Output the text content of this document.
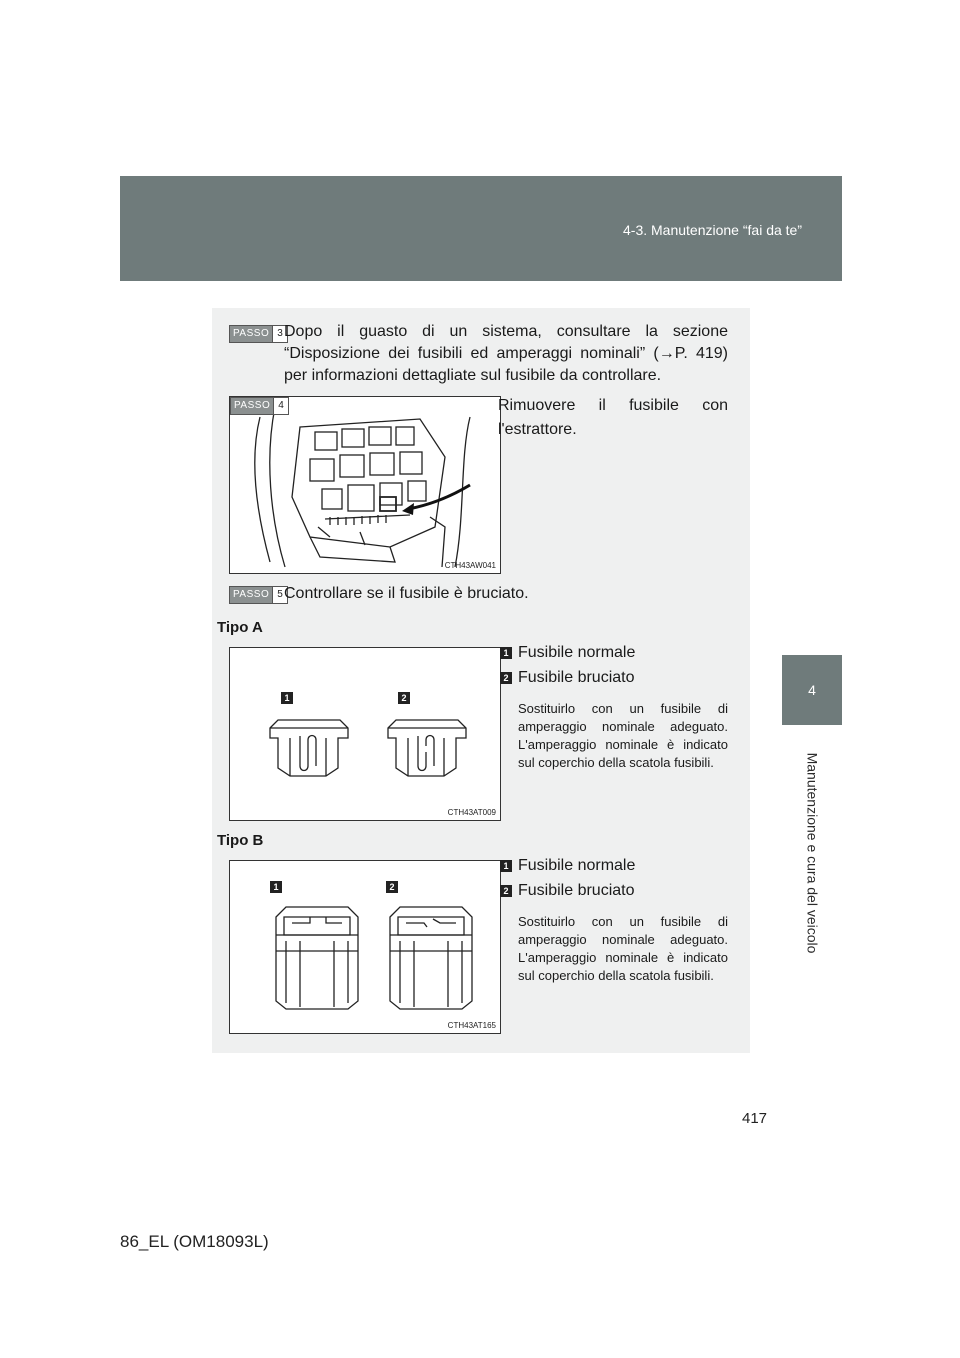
4-3. Manutenzione “fai da te”
4
Manutenzione e cura del veicolo
PASSO 3 Dopo il guasto di un sistema, consultare la sezione “Disposizione dei fusibili ed amperaggi nominali” (→P. 419) per informazioni dettagliate sul fusibile da controllare.
PASSO 4
CTH43AW041
Rimuovere il fusibile con l'estrattore.
PASSO 5 Controllare se il fusibile è bruciato.
Tipo A
1	2
CTH43AT009
1 Fusibile normale
2 Fusibile bruciato
Sostituirlo con un fusibile di amperaggio nominale adeguato. L'amperaggio nominale è indicato sul coperchio della scatola fusibili.
Tipo B
1	2
CTH43AT165
1 Fusibile normale
2 Fusibile bruciato
Sostituirlo con un fusibile di amperaggio nominale adeguato. L'amperaggio nominale è indicato sul coperchio della scatola fusibili.
417
86_EL (OM18093L)
